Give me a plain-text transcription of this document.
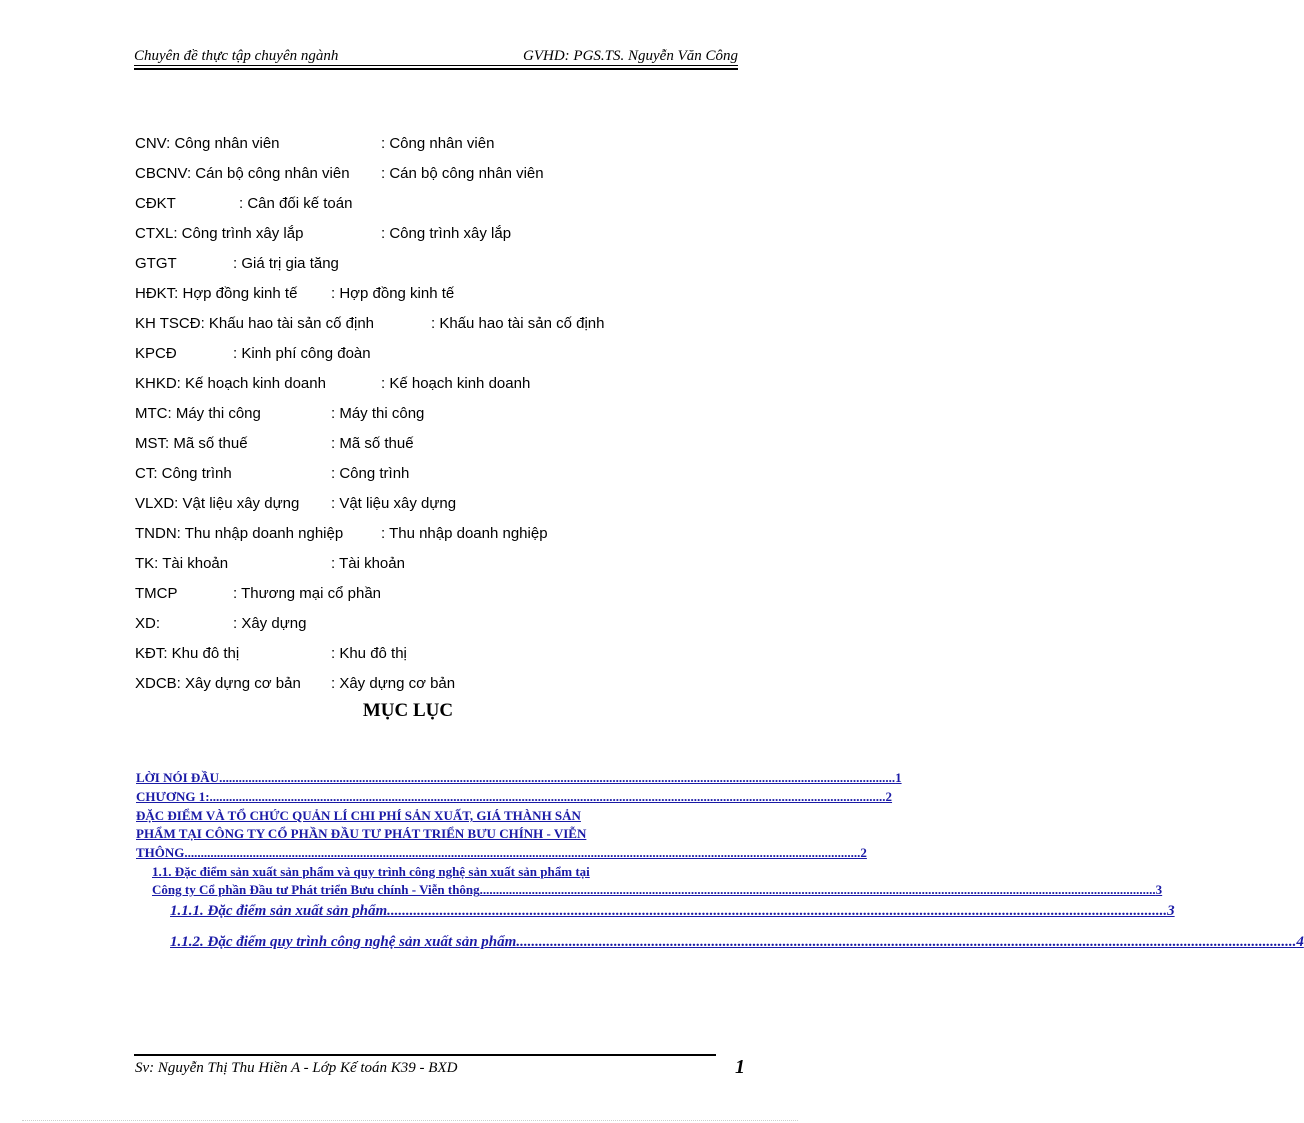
Chuyên đề thực tập chuyên ngành	GVHD: PGS.TS. Nguyễn Văn Công
CNV: Công nhân viên	: Công nhân viên
CBCNV: Cán bộ công nhân viên : Cán bộ công nhân viên
CĐKT	: Cân đối kế toán
CTXL: Công trình xây lắp	: Công trình xây lắp
GTGT	: Giá trị gia tăng
HĐKT: Hợp đồng kinh tế : Hợp đồng kinh tế
KH TSCĐ: Khấu hao tài sản cố định	: Khấu hao tài sản cố định
KPCĐ	: Kinh phí công đoàn
KHKD: Kế hoạch kinh doanh	: Kế hoạch kinh doanh
MTC: Máy thi công	: Máy thi công
MST: Mã số thuế	: Mã số thuế
CT: Công trình	: Công trình
VLXD: Vật liệu xây dựng : Vật liệu xây dựng
TNDN: Thu nhập doanh nghiệp	: Thu nhập doanh nghiệp
TK: Tài khoản	: Tài khoản
TMCP	: Thương mại cổ phần
XD:	: Xây dựng
KĐT: Khu đô thị	: Khu đô thị
XDCB: Xây dựng cơ bản : Xây dựng cơ bản
MỤC LỤC
LỜI NÓI ĐẦU ................................................................................................................................................................................................................ 1
CHƯƠNG 1: ................................................................................................................................................................................................................ 2
ĐẶC ĐIỂM VÀ TỔ CHỨC QUẢN LÍ CHI PHÍ SẢN XUẤT, GIÁ THÀNH SẢN
PHẨM TẠI CÔNG TY CỔ PHẦN ĐẦU TƯ PHÁT TRIỂN BƯU CHÍNH - VIỄN
THÔNG ................................................................................................................................................................................................................ 2
1.1. Đặc điểm sản xuất sản phẩm và quy trình công nghệ sản xuất sản phẩm tại
Công ty Cổ phần Đầu tư Phát triển Bưu chính - Viễn thông ................................................................................................................................................................................................................ 3
1.1.1. Đặc điểm sản xuất sản phẩm ................................................................................................................................................................................................................ 3
1.1.2. Đặc điểm quy trình công nghệ sản xuất sản phẩm ................................................................................................................................................................................................................ 4
Sv: Nguyễn Thị Thu Hiền A - Lớp Kế toán K39 - BXD	1
